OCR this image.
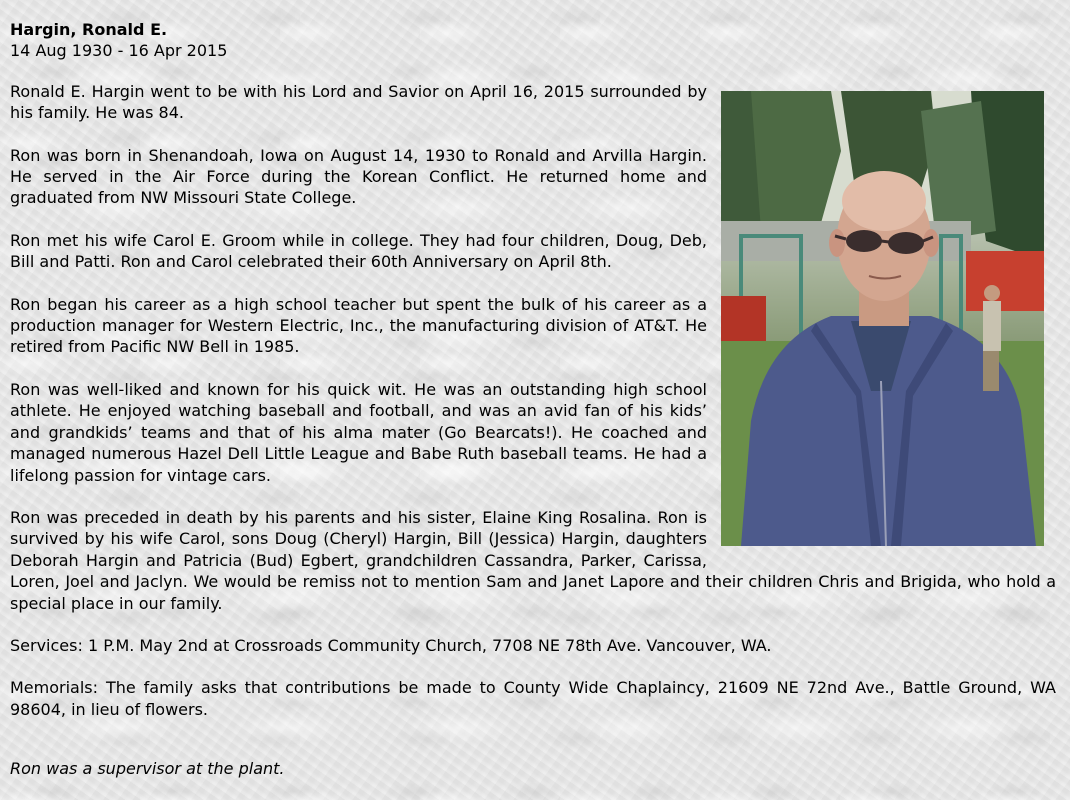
Hargin, Ronald E.

14 Aug 1930 - 16 Apr 2015

Ronald E. Hargin went to be with his Lord and Savior on April 16, 2015 surrounded by his family. He was 84.

Ron was born in Shenandoah, Iowa on August 14, 1930 to Ronald and Arvilla Hargin. He served in the Air Force during the Korean Conflict. He returned home and graduated from NW Missouri State College.

Ron met his wife Carol E. Groom while in college. They had four children, Doug, Deb, Bill and Patti. Ron and Carol celebrated their 60th Anniversary on April 8th.

Ron began his career as a high school teacher but spent the bulk of his career as a production manager for Western Electric, Inc., the manufacturing division of AT&T. He retired from Pacific NW Bell in 1985.

Ron was well-liked and known for his quick wit. He was an outstanding high school athlete. He enjoyed watching baseball and football, and was an avid fan of his kids’ and grandkids’ teams and that of his alma mater (Go Bearcats!). He coached and managed numerous Hazel Dell Little League and Babe Ruth baseball teams. He had a lifelong passion for vintage cars.

Ron was preceded in death by his parents and his sister, Elaine King Rosalina. Ron is survived by his wife Carol, sons Doug (Cheryl) Hargin, Bill (Jessica) Hargin, daughters Deborah Hargin and Patricia (Bud) Egbert, grandchildren Cassandra, Parker, Carissa, Loren, Joel and Jaclyn. We would be remiss not to mention Sam and Janet Lapore and their children Chris and Brigida, who hold a special place in our family.

Services: 1 P.M. May 2nd at Crossroads Community Church, 7708 NE 78th Ave. Vancouver, WA.

Memorials: The family asks that contributions be made to County Wide Chaplaincy, 21609 NE 72nd Ave., Battle Ground, WA 98604, in lieu of flowers.

Ron was a supervisor at the plant.
